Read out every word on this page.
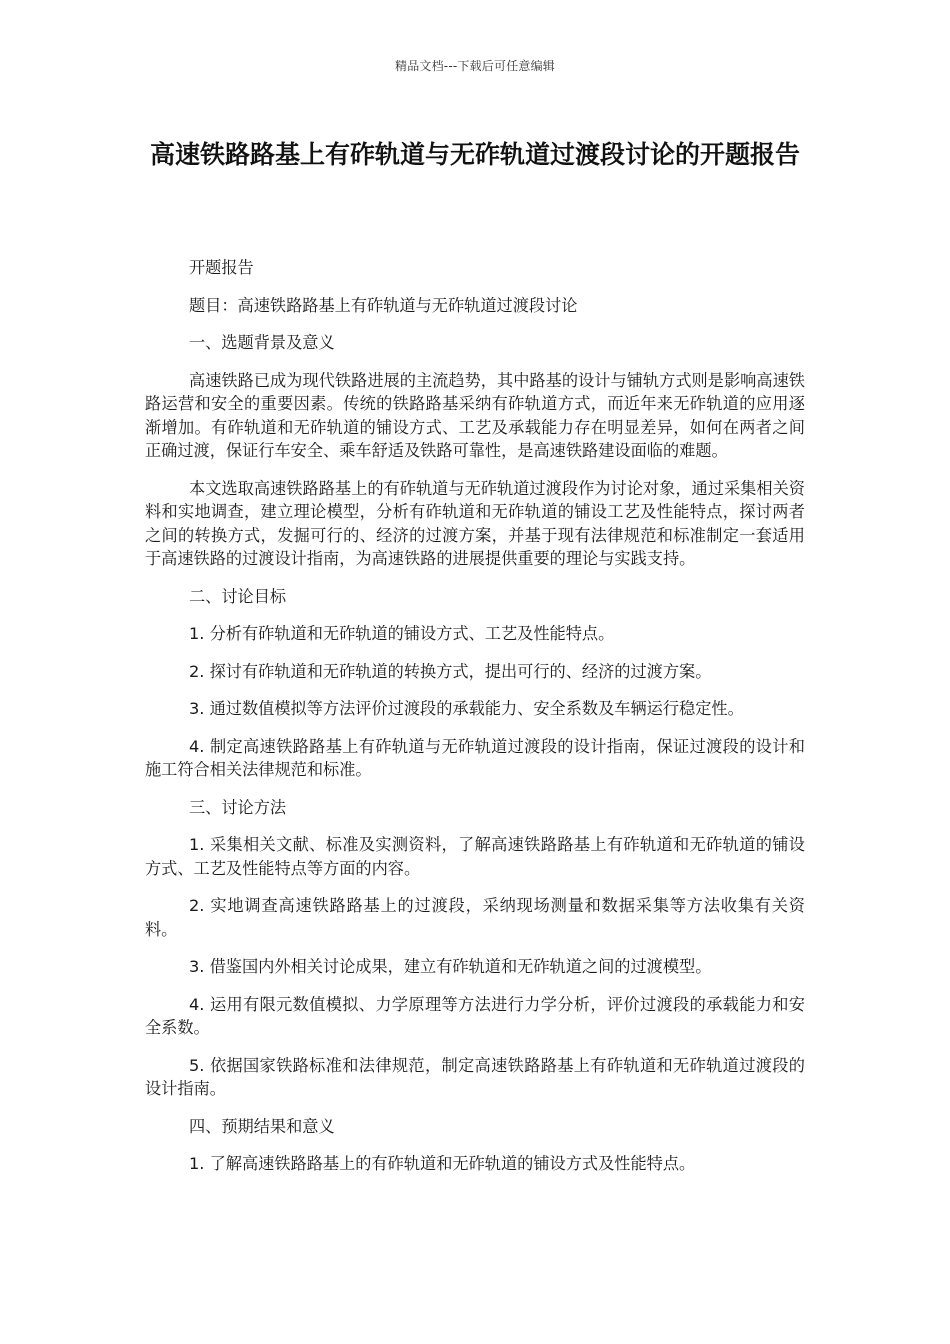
精品文档---下载后可任意编辑
高速铁路路基上有砟轨道与无砟轨道过渡段讨论的开题报告

开题报告

题目：高速铁路路基上有砟轨道与无砟轨道过渡段讨论

一、选题背景及意义

高速铁路已成为现代铁路进展的主流趋势，其中路基的设计与铺轨方式则是影响高速铁路运营和安全的重要因素。传统的铁路路基采纳有砟轨道方式，而近年来无砟轨道的应用逐渐增加。有砟轨道和无砟轨道的铺设方式、工艺及承载能力存在明显差异，如何在两者之间正确过渡，保证行车安全、乘车舒适及铁路可靠性，是高速铁路建设面临的难题。

本文选取高速铁路路基上的有砟轨道与无砟轨道过渡段作为讨论对象，通过采集相关资料和实地调查，建立理论模型，分析有砟轨道和无砟轨道的铺设工艺及性能特点，探讨两者之间的转换方式，发掘可行的、经济的过渡方案，并基于现有法律规范和标准制定一套适用于高速铁路的过渡设计指南，为高速铁路的进展提供重要的理论与实践支持。

二、讨论目标

1. 分析有砟轨道和无砟轨道的铺设方式、工艺及性能特点。

2. 探讨有砟轨道和无砟轨道的转换方式，提出可行的、经济的过渡方案。

3. 通过数值模拟等方法评价过渡段的承载能力、安全系数及车辆运行稳定性。

4. 制定高速铁路路基上有砟轨道与无砟轨道过渡段的设计指南，保证过渡段的设计和施工符合相关法律规范和标准。

三、讨论方法

1. 采集相关文献、标准及实测资料，了解高速铁路路基上有砟轨道和无砟轨道的铺设方式、工艺及性能特点等方面的内容。

2. 实地调查高速铁路路基上的过渡段，采纳现场测量和数据采集等方法收集有关资料。

3. 借鉴国内外相关讨论成果，建立有砟轨道和无砟轨道之间的过渡模型。

4. 运用有限元数值模拟、力学原理等方法进行力学分析，评价过渡段的承载能力和安全系数。

5. 依据国家铁路标准和法律规范，制定高速铁路路基上有砟轨道和无砟轨道过渡段的设计指南。

四、预期结果和意义

1. 了解高速铁路路基上的有砟轨道和无砟轨道的铺设方式及性能特点。
